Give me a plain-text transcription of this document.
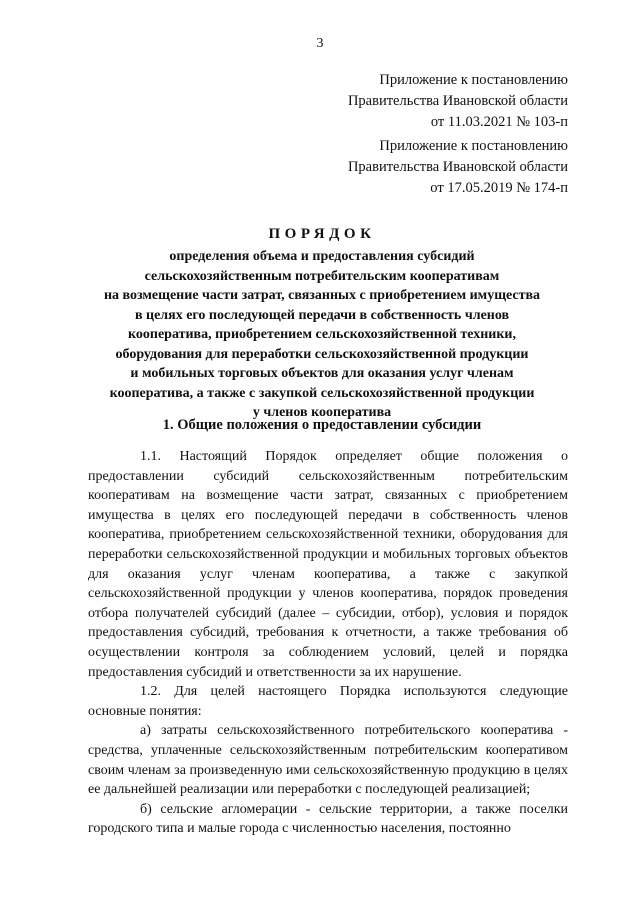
3
Приложение к постановлению
Правительства Ивановской области
от 11.03.2021 № 103-п
Приложение к постановлению
Правительства Ивановской области
от 17.05.2019 № 174-п
ПОРЯДОК
определения объема и предоставления субсидий
сельскохозяйственным потребительским кооперативам
на возмещение части затрат, связанных с приобретением имущества
в целях его последующей передачи в собственность членов
кооператива, приобретением сельскохозяйственной техники,
оборудования для переработки сельскохозяйственной продукции
и мобильных торговых объектов для оказания услуг членам
кооператива, а также с закупкой сельскохозяйственной продукции
у членов кооператива
1. Общие положения о предоставлении субсидии

1.1. Настоящий Порядок определяет общие положения о предоставлении субсидий сельскохозяйственным потребительским кооперативам на возмещение части затрат, связанных с приобретением имущества в целях его последующей передачи в собственность членов кооператива, приобретением сельскохозяйственной техники, оборудования для переработки сельскохозяйственной продукции и мобильных торговых объектов для оказания услуг членам кооператива, а также с закупкой сельскохозяйственной продукции у членов кооператива, порядок проведения отбора получателей субсидий (далее – субсидии, отбор), условия и порядок предоставления субсидий, требования к отчетности, а также требования об осуществлении контроля за соблюдением условий, целей и порядка предоставления субсидий и ответственности за их нарушение.

1.2. Для целей настоящего Порядка используются следующие основные понятия:

а) затраты сельскохозяйственного потребительского кооператива - средства, уплаченные сельскохозяйственным потребительским кооперативом своим членам за произведенную ими сельскохозяйственную продукцию в целях ее дальнейшей реализации или переработки с последующей реализацией;

б) сельские агломерации - сельские территории, а также поселки городского типа и малые города с численностью населения, постоянно
